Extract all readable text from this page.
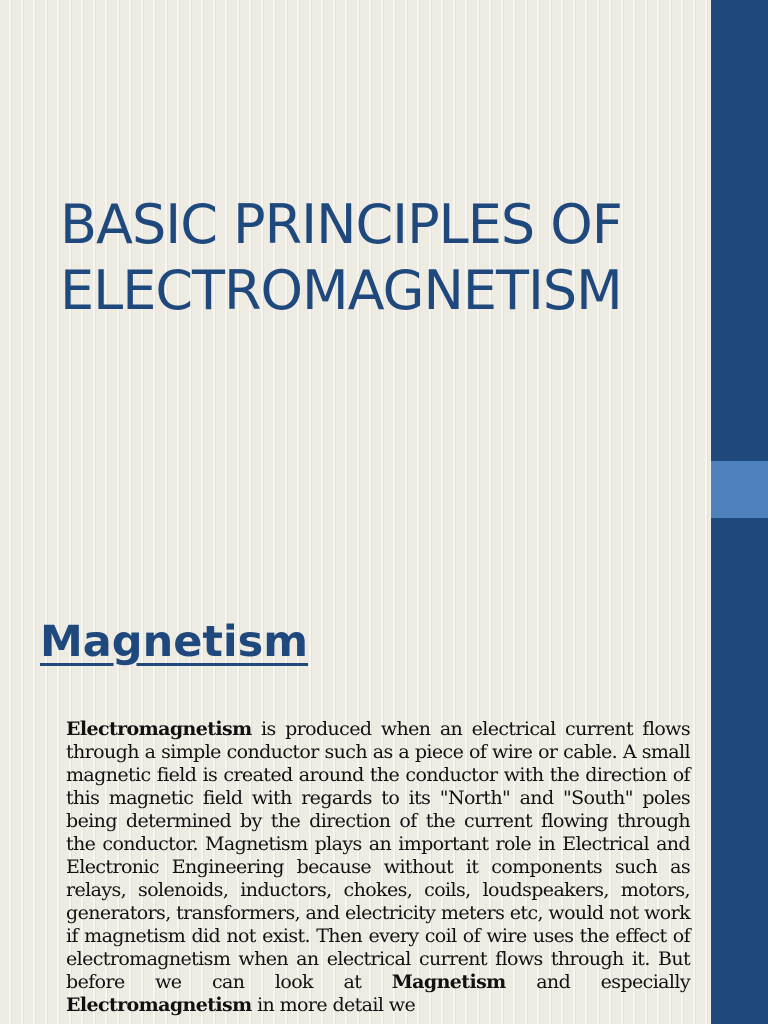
BASIC PRINCIPLES OF
ELECTROMAGNETISM
Magnetism

Electromagnetism is produced when an electrical current flows through a simple conductor such as a piece of wire or cable. A small magnetic field is created around the conductor with the direction of this magnetic field with regards to its "North" and "South" poles being determined by the direction of the current flowing through the conductor. Magnetism plays an important role in Electrical and Electronic Engineering because without it components such as relays, solenoids, inductors, chokes, coils, loudspeakers, motors, generators, transformers, and electricity meters etc, would not work if magnetism did not exist. Then every coil of wire uses the effect of electromagnetism when an electrical current flows through it. But before we can look at Magnetism and especially Electromagnetism in more detail we
